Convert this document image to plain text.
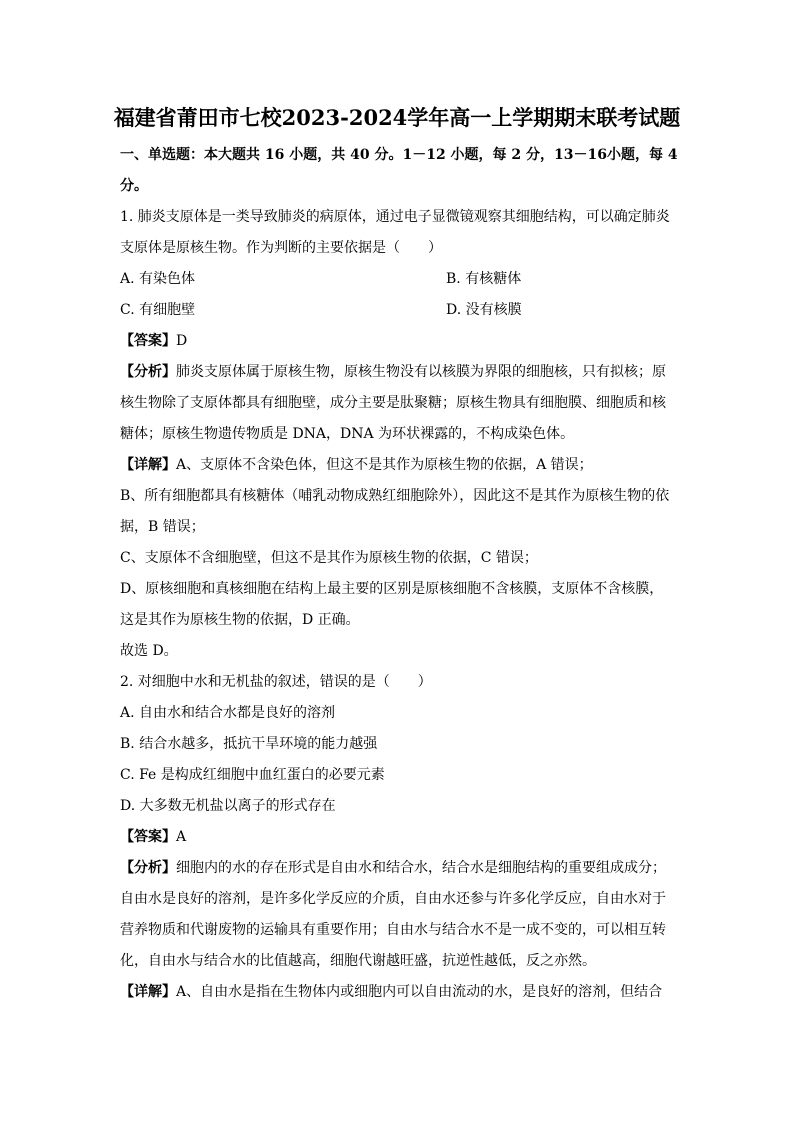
福建省莆田市七校2023-2024学年高一上学期期末联考试题
一、单选题：本大题共 16 小题，共 40 分。1－12 小题，每 2 分，13－16小题，每 4
分。
1. 肺炎支原体是一类导致肺炎的病原体，通过电子显微镜观察其细胞结构，可以确定肺炎
支原体是原核生物。作为判断的主要依据是（　　）
A. 有染色体	B. 有核糖体
C. 有细胞壁	D. 没有核膜
【答案】D
【分析】肺炎支原体属于原核生物，原核生物没有以核膜为界限的细胞核，只有拟核；原
核生物除了支原体都具有细胞壁，成分主要是肽聚糖；原核生物具有细胞膜、细胞质和核
糖体；原核生物遗传物质是 DNA，DNA 为环状裸露的，不构成染色体。
【详解】A、支原体不含染色体，但这不是其作为原核生物的依据，A 错误；
B、所有细胞都具有核糖体（哺乳动物成熟红细胞除外），因此这不是其作为原核生物的依
据，B 错误；
C、支原体不含细胞壁，但这不是其作为原核生物的依据，C 错误；
D、原核细胞和真核细胞在结构上最主要的区别是原核细胞不含核膜，支原体不含核膜，
这是其作为原核生物的依据，D 正确。
故选 D。
2. 对细胞中水和无机盐的叙述，错误的是（　　）
A. 自由水和结合水都是良好的溶剂
B. 结合水越多，抵抗干旱环境的能力越强
C. Fe 是构成红细胞中血红蛋白的必要元素
D. 大多数无机盐以离子的形式存在
【答案】A
【分析】细胞内的水的存在形式是自由水和结合水，结合水是细胞结构的重要组成成分；
自由水是良好的溶剂，是许多化学反应的介质，自由水还参与许多化学反应，自由水对于
营养物质和代谢废物的运输具有重要作用；自由水与结合水不是一成不变的，可以相互转
化，自由水与结合水的比值越高，细胞代谢越旺盛，抗逆性越低，反之亦然。
【详解】A、自由水是指在生物体内或细胞内可以自由流动的水，是良好的溶剂，但结合
